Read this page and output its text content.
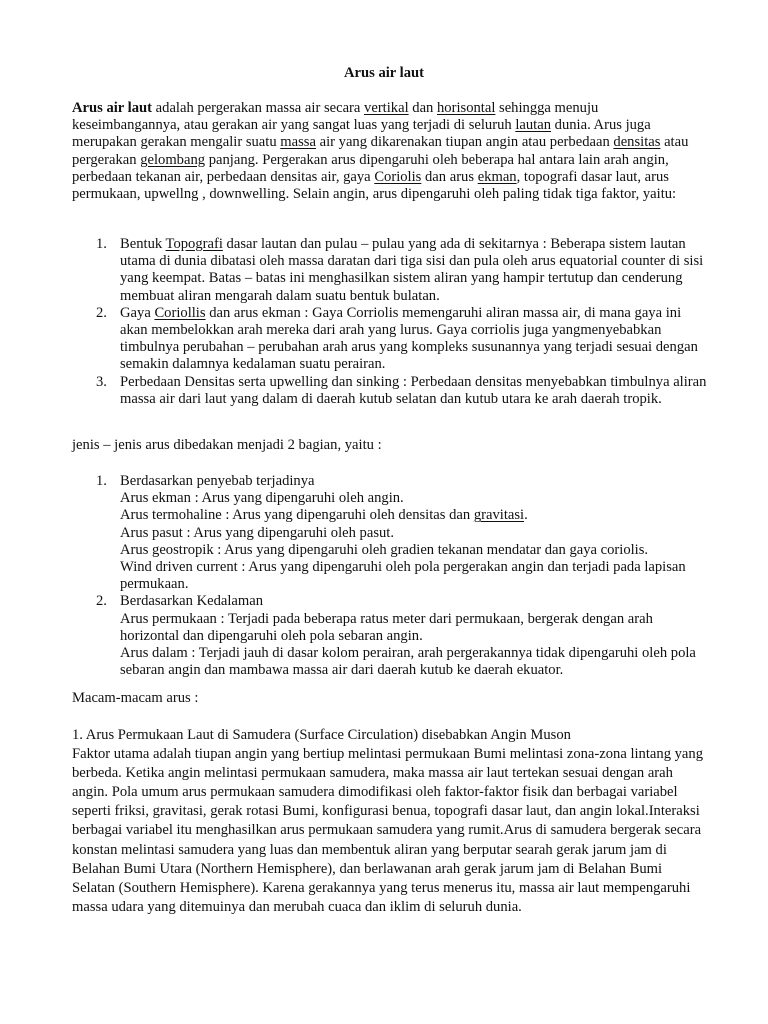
Arus air laut

Arus air laut adalah pergerakan massa air secara vertikal dan horisontal sehingga menuju keseimbangannya, atau gerakan air yang sangat luas yang terjadi di seluruh lautan dunia. Arus juga merupakan gerakan mengalir suatu massa air yang dikarenakan tiupan angin atau perbedaan densitas atau pergerakan gelombang panjang. Pergerakan arus dipengaruhi oleh beberapa hal antara lain arah angin, perbedaan tekanan air, perbedaan densitas air, gaya Coriolis dan arus ekman, topografi dasar laut, arus permukaan, upwellng , downwelling. Selain angin, arus dipengaruhi oleh paling tidak tiga faktor, yaitu:

1. Bentuk Topografi dasar lautan dan pulau – pulau yang ada di sekitarnya : Beberapa sistem lautan utama di dunia dibatasi oleh massa daratan dari tiga sisi dan pula oleh arus equatorial counter di sisi yang keempat. Batas – batas ini menghasilkan sistem aliran yang hampir tertutup dan cenderung membuat aliran mengarah dalam suatu bentuk bulatan.
2. Gaya Coriollis dan arus ekman : Gaya Corriolis memengaruhi aliran massa air, di mana gaya ini akan membelokkan arah mereka dari arah yang lurus. Gaya corriolis juga yangmenyebabkan timbulnya perubahan – perubahan arah arus yang kompleks susunannya yang terjadi sesuai dengan semakin dalamnya kedalaman suatu perairan.
3. Perbedaan Densitas serta upwelling dan sinking : Perbedaan densitas menyebabkan timbulnya aliran massa air dari laut yang dalam di daerah kutub selatan dan kutub utara ke arah daerah tropik.

jenis – jenis arus dibedakan menjadi 2 bagian, yaitu :

1. Berdasarkan penyebab terjadinya
Arus ekman : Arus yang dipengaruhi oleh angin.
Arus termohaline : Arus yang dipengaruhi oleh densitas dan gravitasi.
Arus pasut : Arus yang dipengaruhi oleh pasut.
Arus geostropik : Arus yang dipengaruhi oleh gradien tekanan mendatar dan gaya coriolis.
Wind driven current : Arus yang dipengaruhi oleh pola pergerakan angin dan terjadi pada lapisan permukaan.
2. Berdasarkan Kedalaman
Arus permukaan : Terjadi pada beberapa ratus meter dari permukaan, bergerak dengan arah horizontal dan dipengaruhi oleh pola sebaran angin.
Arus dalam : Terjadi jauh di dasar kolom perairan, arah pergerakannya tidak dipengaruhi oleh pola sebaran angin dan mambawa massa air dari daerah kutub ke daerah ekuator.

Macam-macam arus :

1. Arus Permukaan Laut di Samudera (Surface Circulation) disebabkan Angin Muson
Faktor utama adalah tiupan angin yang bertiup melintasi permukaan Bumi melintasi zona-zona lintang yang berbeda. Ketika angin melintasi permukaan samudera, maka massa air laut tertekan sesuai dengan arah angin. Pola umum arus permukaan samudera dimodifikasi oleh faktor-faktor fisik dan berbagai variabel seperti friksi, gravitasi, gerak rotasi Bumi, konfigurasi benua, topografi dasar laut, dan angin lokal.Interaksi berbagai variabel itu menghasilkan arus permukaan samudera yang rumit.Arus di samudera bergerak secara konstan melintasi samudera yang luas dan membentuk aliran yang berputar searah gerak jarum jam di Belahan Bumi Utara (Northern Hemisphere), dan berlawanan arah gerak jarum jam di Belahan Bumi Selatan (Southern Hemisphere). Karena gerakannya yang terus menerus itu, massa air laut mempengaruhi massa udara yang ditemuinya dan merubah cuaca dan iklim di seluruh dunia.
